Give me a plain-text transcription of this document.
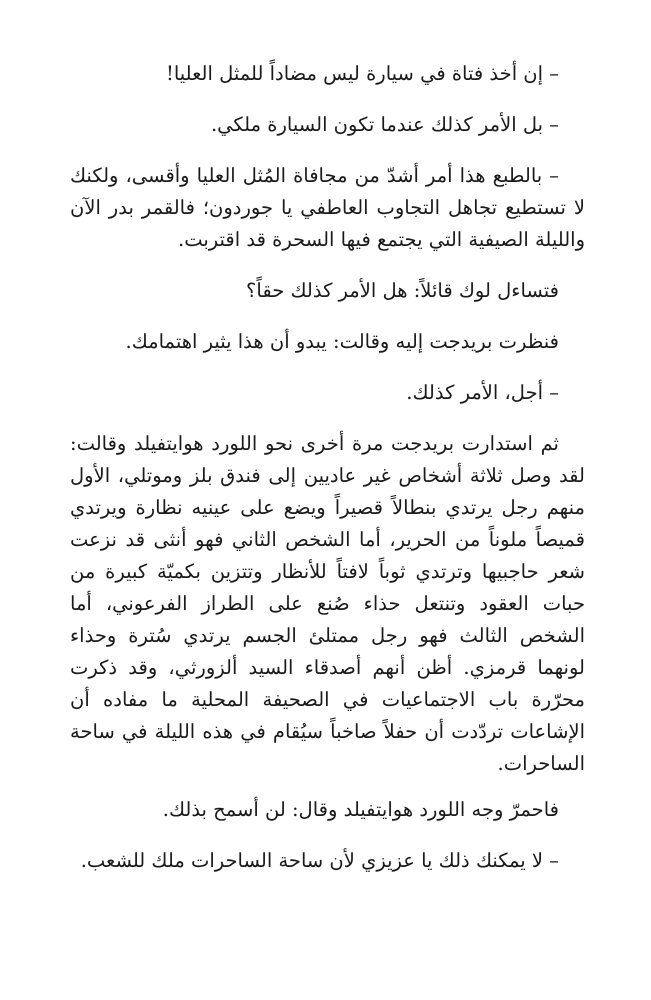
– إن أخذ فتاة في سيارة ليس مضاداً للمثل العليا!

– بل الأمر كذلك عندما تكون السيارة ملكي.

– بالطبع هذا أمر أشدّ من مجافاة المُثل العليا وأقسى، ولكنك لا تستطيع تجاهل التجاوب العاطفي يا جوردون؛ فالقمر بدر الآن والليلة الصيفية التي يجتمع فيها السحرة قد اقتربت.

فتساءل لوك قائلاً: هل الأمر كذلك حقاً؟

فنظرت بريدجت إليه وقالت: يبدو أن هذا يثير اهتمامك.

– أجل، الأمر كذلك.

ثم استدارت بريدجت مرة أخرى نحو اللورد هوايتفيلد وقالت: لقد وصل ثلاثة أشخاص غير عاديين إلى فندق بلز وموتلي، الأول منهم رجل يرتدي بنطالاً قصيراً ويضع على عينيه نظارة ويرتدي قميصاً ملوناً من الحرير، أما الشخص الثاني فهو أنثى قد نزعت شعر حاجبيها وترتدي ثوباً لافتاً للأنظار وتتزين بكميّة كبيرة من حبات العقود وتنتعل حذاء صُنع على الطراز الفرعوني، أما الشخص الثالث فهو رجل ممتلئ الجسم يرتدي سُترة وحذاء لونهما قرمزي. أظن أنهم أصدقاء السيد ألزورثي، وقد ذكرت محرّرة باب الاجتماعيات في الصحيفة المحلية ما مفاده أن الإشاعات تردّدت أن حفلاً صاخباً سيُقام في هذه الليلة في ساحة الساحرات.

فاحمرّ وجه اللورد هوايتفيلد وقال: لن أسمح بذلك.

– لا يمكنك ذلك يا عزيزي لأن ساحة الساحرات ملك للشعب.
